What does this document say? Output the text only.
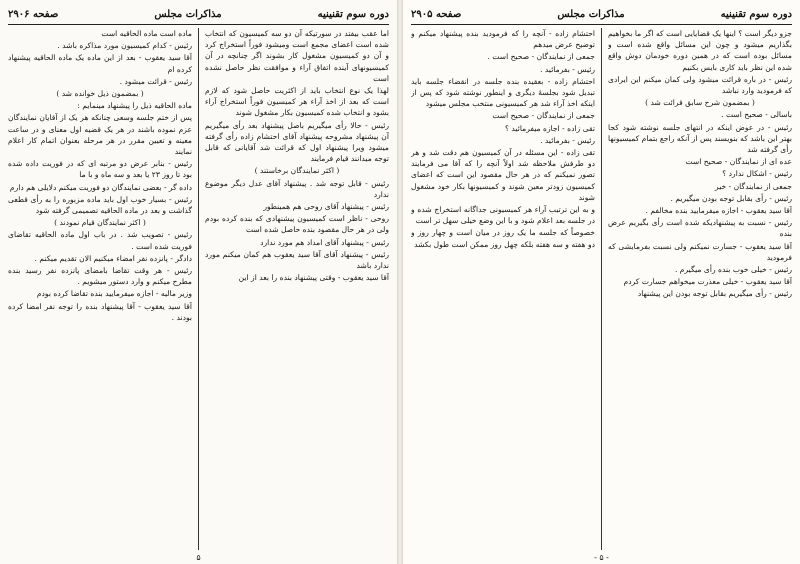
دوره سوم تقنینیه
مذاکرات مجلس
صفحه ۲۹۰۶

اما عقب بیفتد در سورتیکه آن دو سه کمیسیون که انتخاب شده است اعضای مجمع است ومیشود فوراً استخراج کرد و آن دو کمیسیون مشغول کار بشوند اگر چنانچه در آن کمیسیونهای آینده اتفاق آراء و موافقت نظر حاصل نشده است

لهذا یک نوع انتخاب باید از اکثریت حاصل شود که لازم است که بعد از اخذ آراء هر کمیسیون فوراً استخراج آراء بشود و انتخاب شده کمیسیون بکار مشغول شوند

رئیس - حالا رأی میگیریم باصل پیشنهاد بعد رأی میگیریم آن پیشنهاد مشروحه پیشنهاد آقای احتشام زاده رأی گرفته میشود ویرا پیشنهاد اول که قرائت شد آقایانی که قابل توجه میدانند قیام فرمایند

( اکثر نمایندگان برخاستند )

رئیس - قابل توجه شد . پیشنهاد آقای عدل دیگر موضوع ندارد

رئیس - پیشنهاد آقای روحی هم همینطور

روحی - ناظر است کمیسیون پیشنهادی که بنده کرده بودم ولی در هر حال مقصود بنده حاصل شده است

رئیس - پیشنهاد آقای امداد هم مورد ندارد

رئیس - پیشنهاد آقای آقا سید یعقوب هم کمان میکنم مورد ندارد باشد

آقا سید یعقوب - وقتی پیشنهاد بنده را بعد از این

ماده است ماده الحاقیه است

رئیس - کدام کمیسیون مورد مذاکره باشد .

آقا سید یعقوب - بعد از این ماده یک ماده الحاقیه پیشنهاد کرده ام

رئیس - قرائت میشود .

( بمضمون ذیل خوانده شد )

ماده الحاقیه ذیل را پیشنهاد مینمایم :

پس از ختم جلسه وسعی چنانکه هر یک از آقایان نمایندگان عزم نموده باشند در هر یک قضیه اول معنای و در ساعت معینه و تعیین مقرر در هر مرحله بعنوان اتمام کار اعلام نمایند

رئیس - بنابر عرض دو مرتبه ای که در فوریت داده شده بود تا روز ۲۳ یا بعد و سه ماه و با ما

داده گر - بعضی نمایندگان دو فوریت میکنم دلایلی هم دارم

رئیس - بسیار خوب اول باید ماده مزبوره را به رأی قطعی گذاشت و بعد در ماده الحاقیه تصمیمی گرفته شود

( اکثر نمایندگان قیام نمودند )

رئیس - تصویب شد . در باب اول ماده الحاقیه تقاضای فوریت شده است .

دادگر - پانزده نفر امضاء میکنیم الان تقدیم میکنم .

رئیس - هر وقت تقاضا بامضای پانزده نفر رسید بنده مطرح میکنم و وارد دستور میشویم .

وزیر مالیه - اجازه میفرمایید بنده تقاضا کرده بودم

آقا سید یعقوب - آقا پیشنهاد بنده را توجه نفر امضا کرده بودند .

۵
دوره سوم تقنینیه
مذاکرات مجلس
صفحه ۲۹۰۵

جزو دیگر است ؟ اینها یک قضایایی است که اگر ما بخواهیم بگذاریم میشود و چون این مسائل واقع شده است و مسائل بوده است که در همین دوره خودمان دوش واقع شده این نظر باید کاری بایس بکنیم

رئیس - در باره قرائت میشود ولی کمان میکنم این ایرادی که فرمودید وارد نباشد

( بمضمون شرح سابق قرائت شد )

باسالی - صحیح است .

رئیس - در عوض اینکه در انتهای جلسه نوشته شود کجا بهتر این باشد که بنویسند پس از آنکه راجع بتمام کمیسیونها رأی گرفته شد

عده ای از نمایندگان - صحیح است

رئیس - اشکال ندارد ؟

جمعی از نمایندگان - خیر

رئیس - رأی بقابل توجه بودن میگیریم .

آقا سید یعقوب - اجازه میفرمایید بنده مخالفم .

رئیس - نسبت به پیشنهادیکه شده است رأی بگیریم عرض بنده

آقا سید یعقوب - جسارت نمیکنم ولی نسبت بفرمایشی که فرمودید

رئیس - خیلی خوب بنده رأی میگیرم .

آقا سید یعقوب - خیلی معذرت میخواهم جسارت کردم

رئیس - رأی میگیریم بقابل توجه بودن این پیشنهاد

احتشام زاده - آنچه را که فرمودید بنده پیشنهاد میکنم و توضیح عرض میدهم

جمعی از نمایندگان - صحیح است .

رئیس - بفرمائید .

احتشام زاده - بعقیده بنده جلسه در انقضاء جلسه باید تبدیل شود بجلسهٔ دیگری و اینطور نوشته شود که پس از اینکه اخذ آراء شد هر کمیسیونی منتخب مجلس میشود

جمعی از نمایندگان - صحیح است

تقی زاده - اجازه میفرمائید ؟

رئیس - بفرمائید .

تقی زاده - این مسئله در آن کمیسیون هم دقت شد و هر دو طرفش ملاحظه شد اولاً آنچه را که آقا می فرمایند تصور نمیکنم که در هر حال مقصود این است که اعضای کمیسیون زودتر معین شوند و کمیسیونها بکار خود مشغول شوند

و به این ترتیب آراء هر کمیسیونی جداگانه استخراج شده و در جلسه بعد اعلام شود و با این وضع خیلی سهل تر است

خصوصاً که جلسه ما یک روز در میان است و چهار روز و دو هفته و سه هفته بلکه چهل روز ممکن است طول بکشد

- ۵ -
